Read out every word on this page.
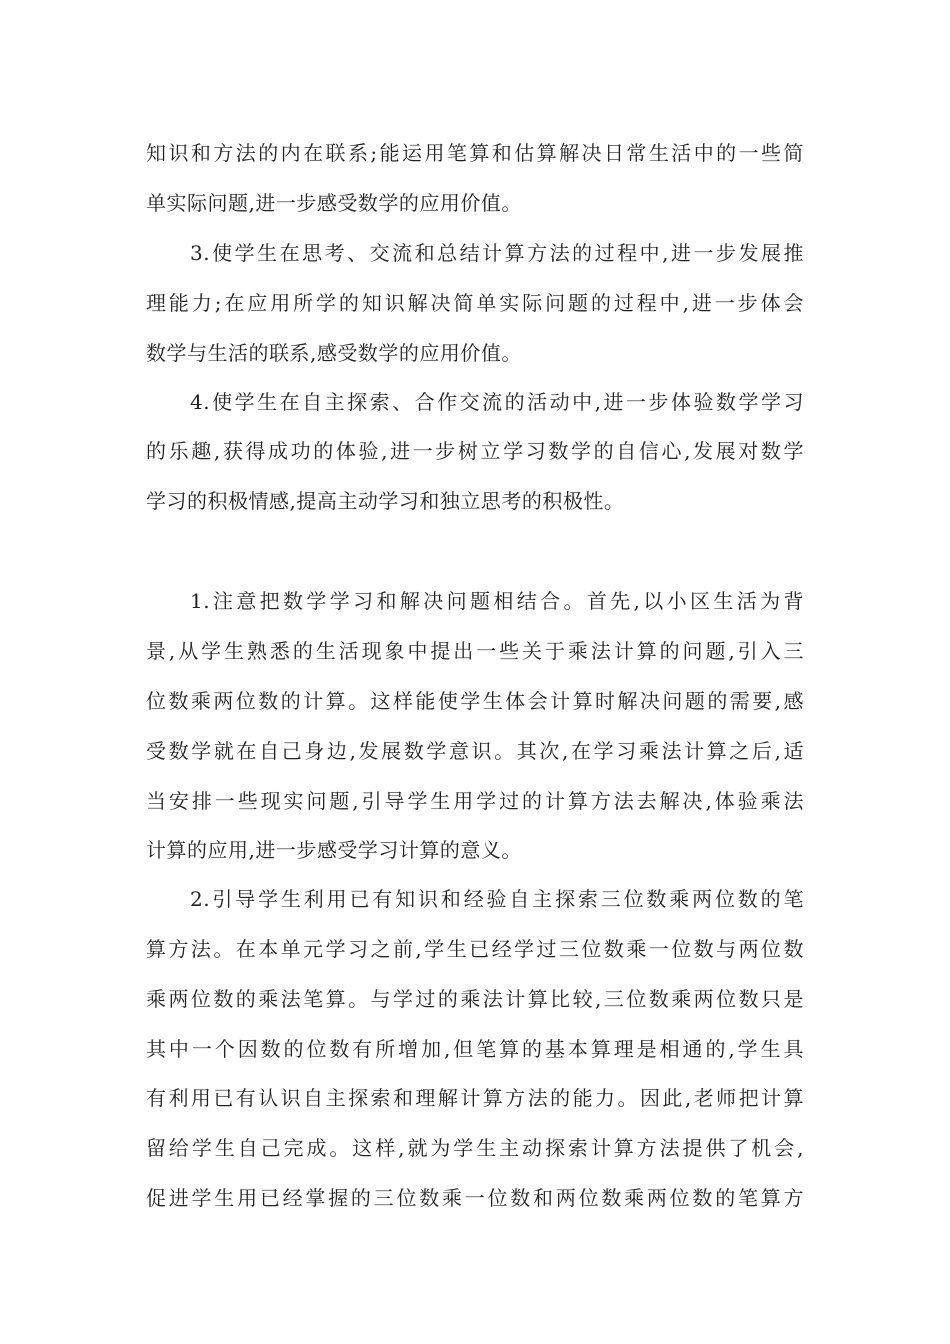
知识和方法的内在联系;能运用笔算和估算解决日常生活中的一些简
单实际问题,进一步感受数学的应用价值。
3.使学生在思考、交流和总结计算方法的过程中,进一步发展推
理能力;在应用所学的知识解决简单实际问题的过程中,进一步体会
数学与生活的联系,感受数学的应用价值。
4.使学生在自主探索、合作交流的活动中,进一步体验数学学习
的乐趣,获得成功的体验,进一步树立学习数学的自信心,发展对数学
学习的积极情感,提高主动学习和独立思考的积极性。
1.注意把数学学习和解决问题相结合。首先,以小区生活为背
景,从学生熟悉的生活现象中提出一些关于乘法计算的问题,引入三
位数乘两位数的计算。这样能使学生体会计算时解决问题的需要,感
受数学就在自己身边,发展数学意识。其次,在学习乘法计算之后,适
当安排一些现实问题,引导学生用学过的计算方法去解决,体验乘法
计算的应用,进一步感受学习计算的意义。
2.引导学生利用已有知识和经验自主探索三位数乘两位数的笔
算方法。在本单元学习之前,学生已经学过三位数乘一位数与两位数
乘两位数的乘法笔算。与学过的乘法计算比较,三位数乘两位数只是
其中一个因数的位数有所增加,但笔算的基本算理是相通的,学生具
有利用已有认识自主探索和理解计算方法的能力。因此,老师把计算
留给学生自己完成。这样,就为学生主动探索计算方法提供了机会,
促进学生用已经掌握的三位数乘一位数和两位数乘两位数的笔算方
